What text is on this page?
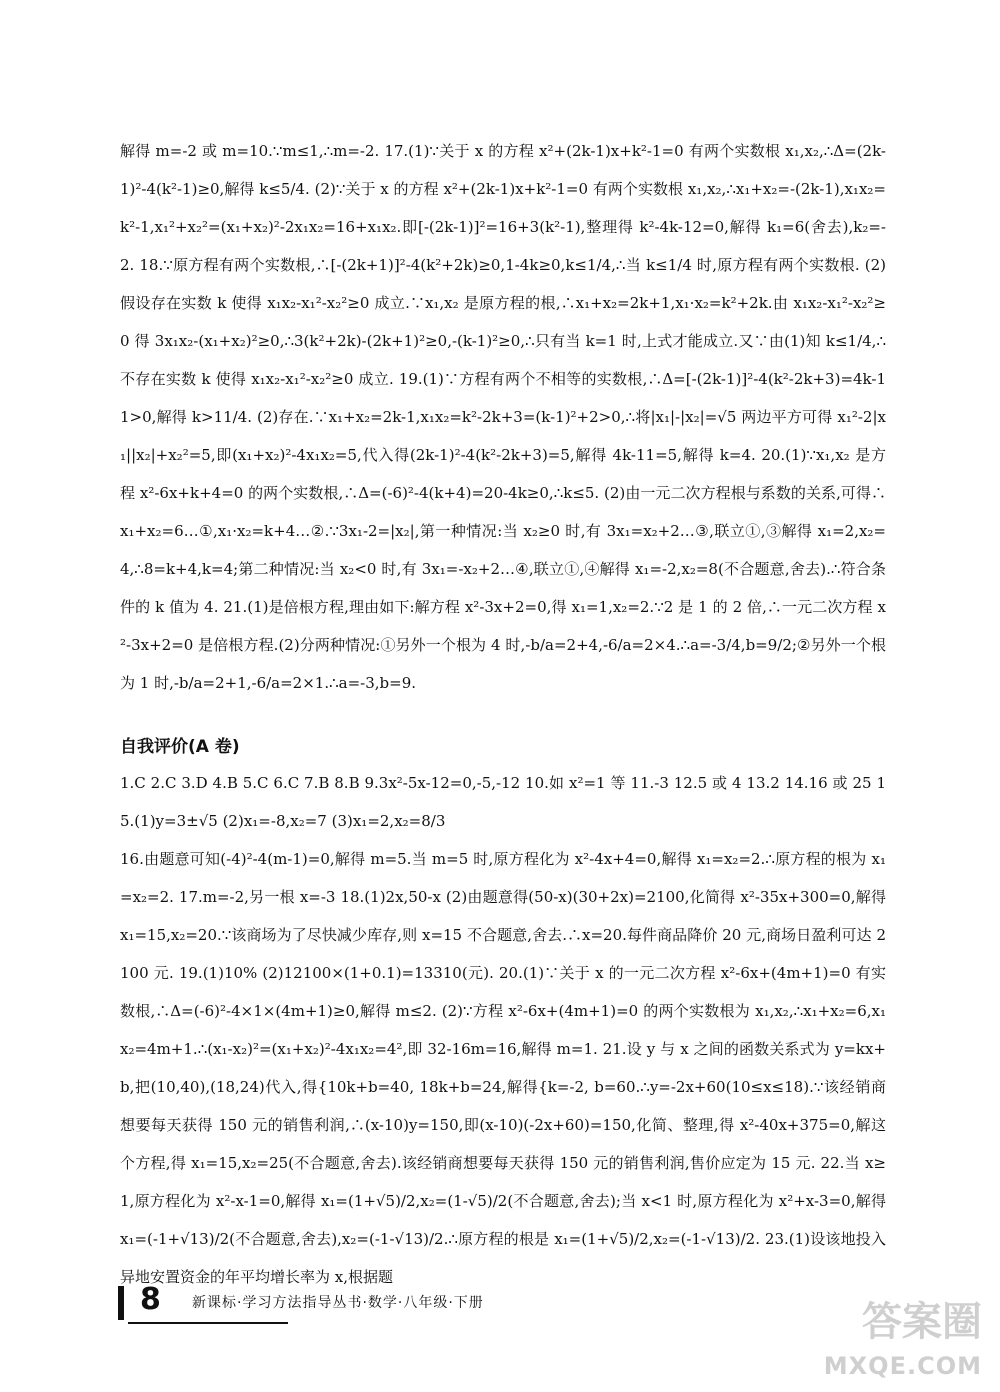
解得 m=-2 或 m=10.∵m≤1,∴m=-2. 17.(1)∵关于 x 的方程 x²+(2k-1)x+k²-1=0 有两个实数根 x₁,x₂,∴Δ=(2k-1)²-4(k²-1)≥0,解得 k≤5/4. (2)∵关于 x 的方程 x²+(2k-1)x+k²-1=0 有两个实数根 x₁,x₂,∴x₁+x₂=-(2k-1),x₁x₂=k²-1,x₁²+x₂²=(x₁+x₂)²-2x₁x₂=16+x₁x₂.即[-(2k-1)]²=16+3(k²-1),整理得 k²-4k-12=0,解得 k₁=6(舍去),k₂=-2. 18.∵原方程有两个实数根,∴[-(2k+1)]²-4(k²+2k)≥0,1-4k≥0,k≤1/4,∴当 k≤1/4 时,原方程有两个实数根. (2)假设存在实数 k 使得 x₁x₂-x₁²-x₂²≥0 成立.∵x₁,x₂ 是原方程的根,∴x₁+x₂=2k+1,x₁·x₂=k²+2k.由 x₁x₂-x₁²-x₂²≥0 得 3x₁x₂-(x₁+x₂)²≥0,∴3(k²+2k)-(2k+1)²≥0,-(k-1)²≥0,∴只有当 k=1 时,上式才能成立.又∵由(1)知 k≤1/4,∴不存在实数 k 使得 x₁x₂-x₁²-x₂²≥0 成立. 19.(1)∵方程有两个不相等的实数根,∴Δ=[-(2k-1)]²-4(k²-2k+3)=4k-11>0,解得 k>11/4. (2)存在.∵x₁+x₂=2k-1,x₁x₂=k²-2k+3=(k-1)²+2>0,∴将|x₁|-|x₂|=√5 两边平方可得 x₁²-2|x₁||x₂|+x₂²=5,即(x₁+x₂)²-4x₁x₂=5,代入得(2k-1)²-4(k²-2k+3)=5,解得 4k-11=5,解得 k=4. 20.(1)∵x₁,x₂ 是方程 x²-6x+k+4=0 的两个实数根,∴Δ=(-6)²-4(k+4)=20-4k≥0,∴k≤5. (2)由一元二次方程根与系数的关系,可得∴x₁+x₂=6…①,x₁·x₂=k+4…②.∵3x₁-2=|x₂|,第一种情况:当 x₂≥0 时,有 3x₁=x₂+2…③,联立①,③解得 x₁=2,x₂=4,∴8=k+4,k=4;第二种情况:当 x₂<0 时,有 3x₁=-x₂+2…④,联立①,④解得 x₁=-2,x₂=8(不合题意,舍去).∴符合条件的 k 值为 4. 21.(1)是倍根方程,理由如下:解方程 x²-3x+2=0,得 x₁=1,x₂=2.∵2 是 1 的 2 倍,∴一元二次方程 x²-3x+2=0 是倍根方程.(2)分两种情况:①另外一个根为 4 时,-b/a=2+4,-6/a=2×4.∴a=-3/4,b=9/2;②另外一个根为 1 时,-b/a=2+1,-6/a=2×1.∴a=-3,b=9.
自我评价(A 卷)
1.C 2.C 3.D 4.B 5.C 6.C 7.B 8.B 9.3x²-5x-12=0,-5,-12 10.如 x²=1 等 11.-3 12.5 或 4 13.2 14.16 或 25 15.(1)y=3±√5 (2)x₁=-8,x₂=7 (3)x₁=2,x₂=8/3
16.由题意可知(-4)²-4(m-1)=0,解得 m=5.当 m=5 时,原方程化为 x²-4x+4=0,解得 x₁=x₂=2.∴原方程的根为 x₁=x₂=2. 17.m=-2,另一根 x=-3 18.(1)2x,50-x (2)由题意得(50-x)(30+2x)=2100,化简得 x²-35x+300=0,解得 x₁=15,x₂=20.∵该商场为了尽快减少库存,则 x=15 不合题意,舍去.∴x=20.每件商品降价 20 元,商场日盈利可达 2100 元. 19.(1)10% (2)12100×(1+0.1)=13310(元). 20.(1)∵关于 x 的一元二次方程 x²-6x+(4m+1)=0 有实数根,∴Δ=(-6)²-4×1×(4m+1)≥0,解得 m≤2. (2)∵方程 x²-6x+(4m+1)=0 的两个实数根为 x₁,x₂,∴x₁+x₂=6,x₁x₂=4m+1.∴(x₁-x₂)²=(x₁+x₂)²-4x₁x₂=4²,即 32-16m=16,解得 m=1. 21.设 y 与 x 之间的函数关系式为 y=kx+b,把(10,40),(18,24)代入,得{10k+b=40, 18k+b=24,解得{k=-2, b=60.∴y=-2x+60(10≤x≤18).∵该经销商想要每天获得 150 元的销售利润,∴(x-10)y=150,即(x-10)(-2x+60)=150,化简、整理,得 x²-40x+375=0,解这个方程,得 x₁=15,x₂=25(不合题意,舍去).该经销商想要每天获得 150 元的销售利润,售价应定为 15 元. 22.当 x≥1,原方程化为 x²-x-1=0,解得 x₁=(1+√5)/2,x₂=(1-√5)/2(不合题意,舍去);当 x<1 时,原方程化为 x²+x-3=0,解得 x₁=(-1+√13)/2(不合题意,舍去),x₂=(-1-√13)/2.∴原方程的根是 x₁=(1+√5)/2,x₂=(-1-√13)/2. 23.(1)设该地投入异地安置资金的年平均增长率为 x,根据题
8 新课标·学习方法指导丛书·数学·八年级·下册	答案圈
MXQE.COM
